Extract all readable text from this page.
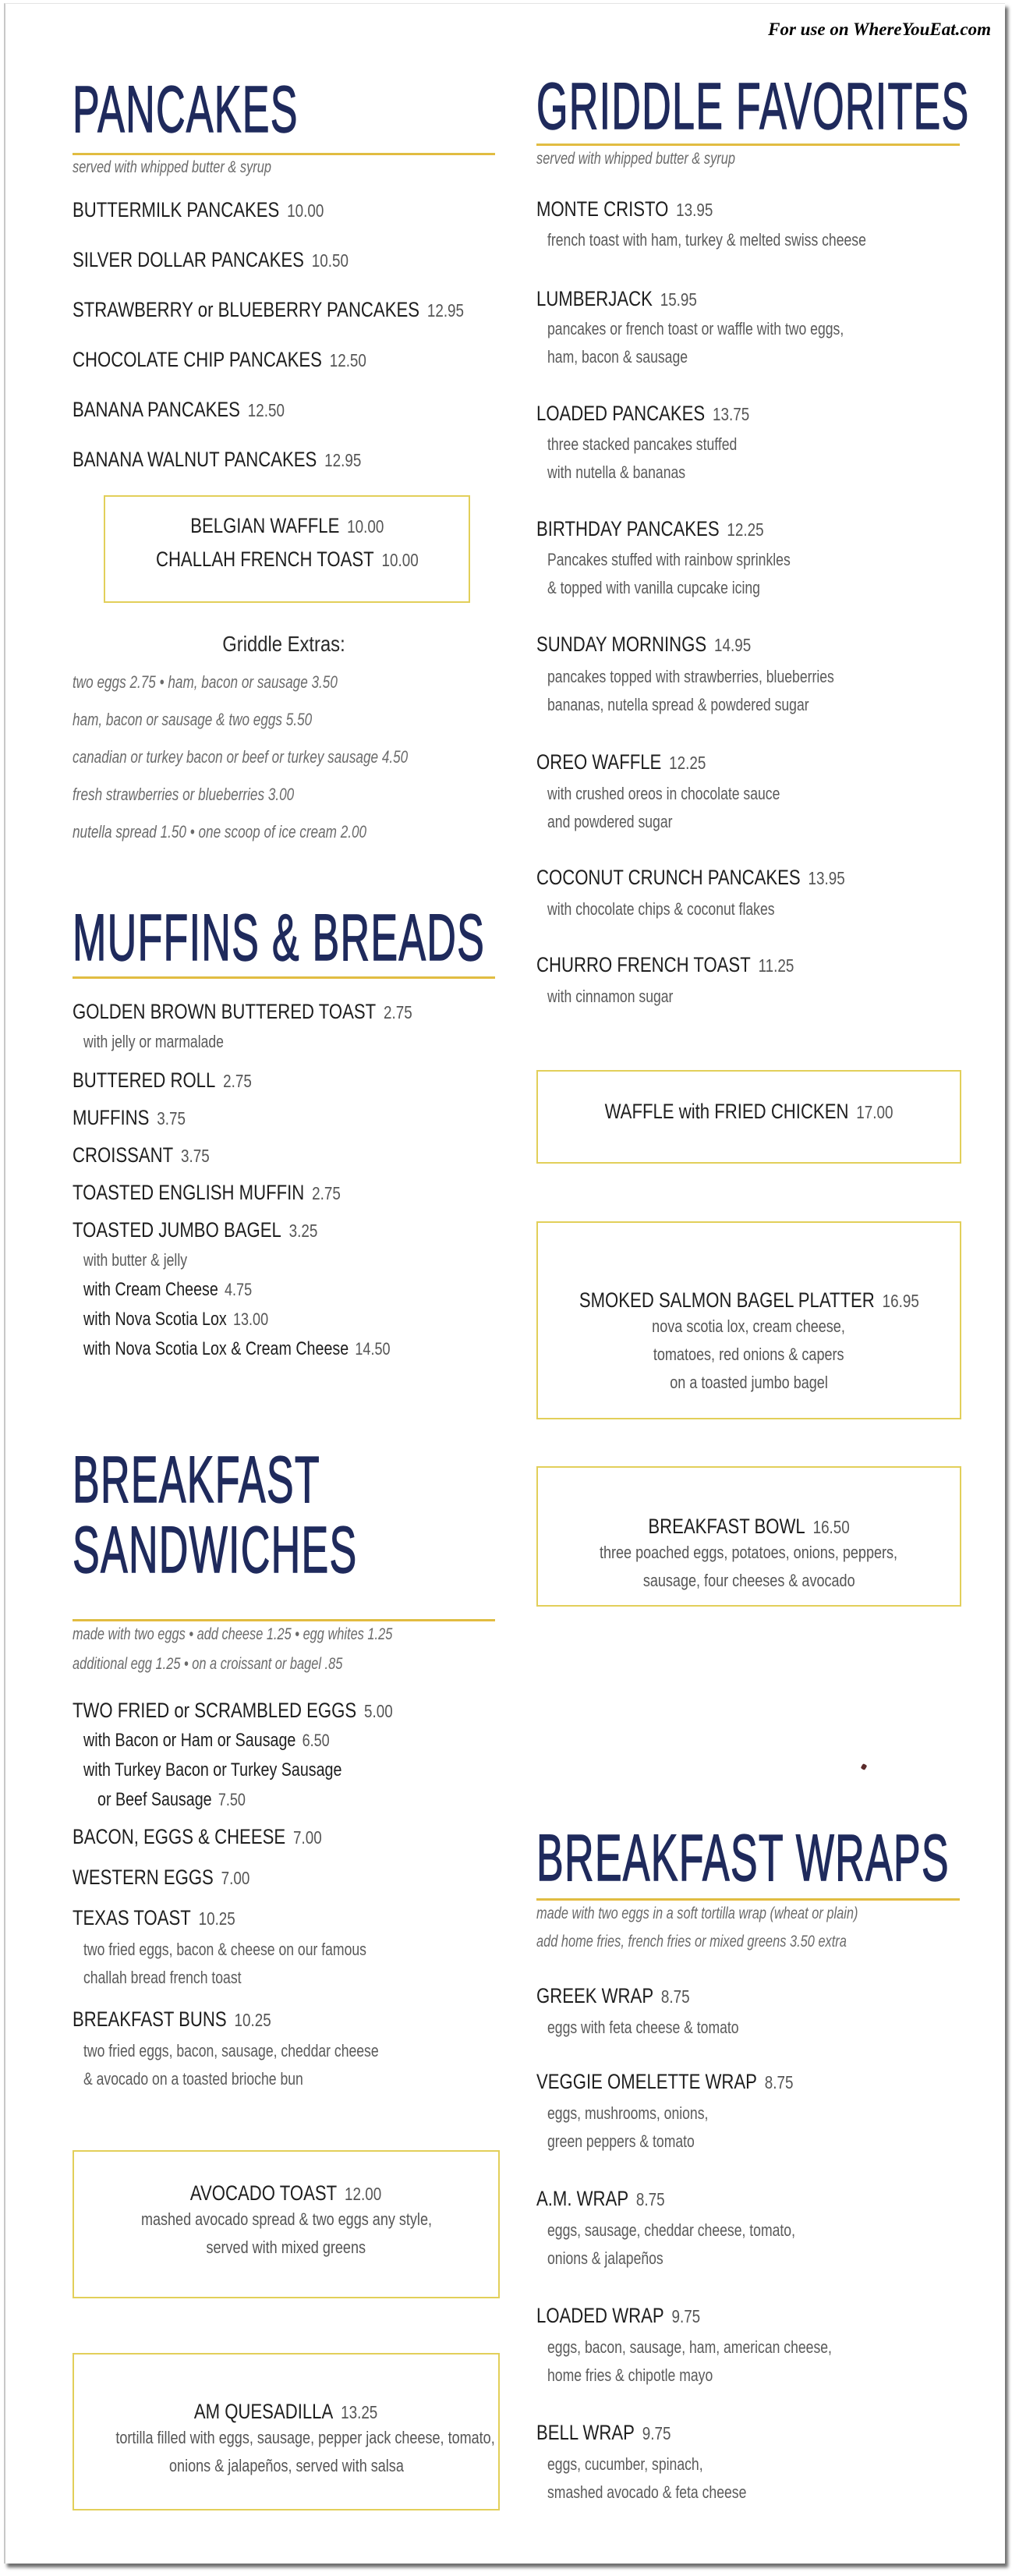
For use on WhereYouEat.com
PANCAKES
served with whipped butter & syrup
BUTTERMILK PANCAKES 10.00
SILVER DOLLAR PANCAKES 10.50
STRAWBERRY or BLUEBERRY PANCAKES 12.95
CHOCOLATE CHIP PANCAKES 12.50
BANANA PANCAKES 12.50
BANANA WALNUT PANCAKES 12.95
BELGIAN WAFFLE 10.00
CHALLAH FRENCH TOAST 10.00
Griddle Extras:
two eggs 2.75 • ham, bacon or sausage 3.50
ham, bacon or sausage & two eggs 5.50
canadian or turkey bacon or beef or turkey sausage 4.50
fresh strawberries or blueberries 3.00
nutella spread 1.50 • one scoop of ice cream 2.00
MUFFINS & BREADS
GOLDEN BROWN BUTTERED TOAST 2.75
with jelly or marmalade
BUTTERED ROLL 2.75
MUFFINS 3.75
CROISSANT 3.75
TOASTED ENGLISH MUFFIN 2.75
TOASTED JUMBO BAGEL 3.25
with butter & jelly
with Cream Cheese 4.75
with Nova Scotia Lox 13.00
with Nova Scotia Lox & Cream Cheese 14.50
BREAKFAST
SANDWICHES
made with two eggs • add cheese 1.25 • egg whites 1.25
additional egg 1.25 • on a croissant or bagel .85
TWO FRIED or SCRAMBLED EGGS 5.00
with Bacon or Ham or Sausage 6.50
with Turkey Bacon or Turkey Sausage
or Beef Sausage 7.50
BACON, EGGS & CHEESE 7.00
WESTERN EGGS 7.00
TEXAS TOAST 10.25
two fried eggs, bacon & cheese on our famous
challah bread french toast
BREAKFAST BUNS 10.25
two fried eggs, bacon, sausage, cheddar cheese
& avocado on a toasted brioche bun
AVOCADO TOAST 12.00
mashed avocado spread & two eggs any style,
served with mixed greens
AM QUESADILLA 13.25
tortilla filled with eggs, sausage, pepper jack cheese, tomato,
onions & jalapeños, served with salsa
GRIDDLE FAVORITES
served with whipped butter & syrup
MONTE CRISTO 13.95
french toast with ham, turkey & melted swiss cheese
LUMBERJACK 15.95
pancakes or french toast or waffle with two eggs,
ham, bacon & sausage
LOADED PANCAKES 13.75
three stacked pancakes stuffed
with nutella & bananas
BIRTHDAY PANCAKES 12.25
Pancakes stuffed with rainbow sprinkles
& topped with vanilla cupcake icing
SUNDAY MORNINGS 14.95
pancakes topped with strawberries, blueberries
bananas, nutella spread & powdered sugar
OREO WAFFLE 12.25
with crushed oreos in chocolate sauce
and powdered sugar
COCONUT CRUNCH PANCAKES 13.95
with chocolate chips & coconut flakes
CHURRO FRENCH TOAST 11.25
with cinnamon sugar
WAFFLE with FRIED CHICKEN 17.00
SMOKED SALMON BAGEL PLATTER 16.95
nova scotia lox, cream cheese,
tomatoes, red onions & capers
on a toasted jumbo bagel
BREAKFAST BOWL 16.50
three poached eggs, potatoes, onions, peppers,
sausage, four cheeses & avocado
BREAKFAST WRAPS
made with two eggs in a soft tortilla wrap (wheat or plain)
add home fries, french fries or mixed greens 3.50 extra
GREEK WRAP 8.75
eggs with feta cheese & tomato
VEGGIE OMELETTE WRAP 8.75
eggs, mushrooms, onions,
green peppers & tomato
A.M. WRAP 8.75
eggs, sausage, cheddar cheese, tomato,
onions & jalapeños
LOADED WRAP 9.75
eggs, bacon, sausage, ham, american cheese,
home fries & chipotle mayo
BELL WRAP 9.75
eggs, cucumber, spinach,
smashed avocado & feta cheese
